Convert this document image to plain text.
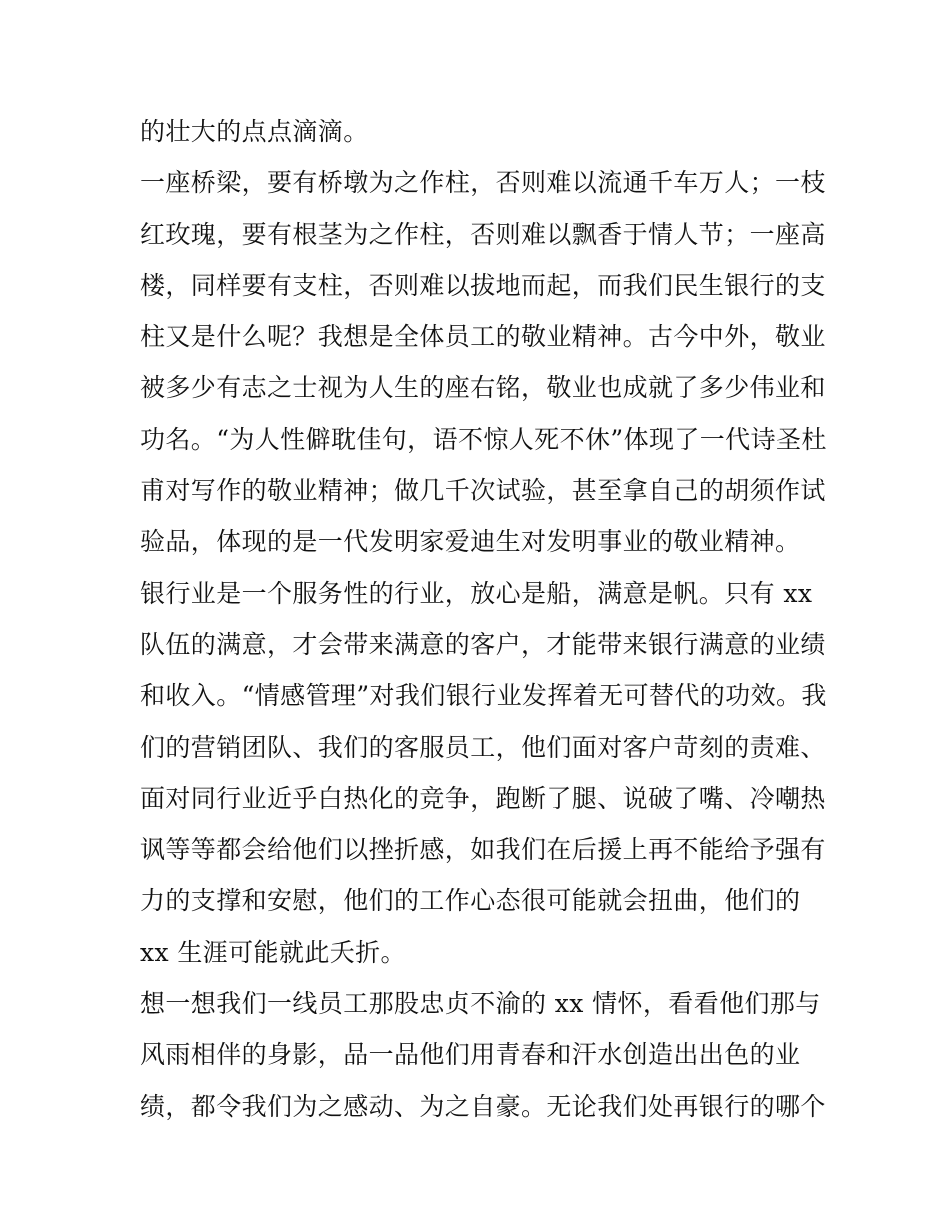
的壮大的点点滴滴。
一座桥梁，要有桥墩为之作柱，否则难以流通千车万人；一枝
红玫瑰，要有根茎为之作柱，否则难以飘香于情人节；一座高
楼，同样要有支柱，否则难以拔地而起，而我们民生银行的支
柱又是什么呢？我想是全体员工的敬业精神。古今中外，敬业
被多少有志之士视为人生的座右铭，敬业也成就了多少伟业和
功名。“为人性僻耽佳句，语不惊人死不休”体现了一代诗圣杜
甫对写作的敬业精神；做几千次试验，甚至拿自己的胡须作试
验品，体现的是一代发明家爱迪生对发明事业的敬业精神。
银行业是一个服务性的行业，放心是船，满意是帆。只有 xx
队伍的满意，才会带来满意的客户，才能带来银行满意的业绩
和收入。“情感管理”对我们银行业发挥着无可替代的功效。我
们的营销团队、我们的客服员工，他们面对客户苛刻的责难、
面对同行业近乎白热化的竞争，跑断了腿、说破了嘴、冷嘲热
讽等等都会给他们以挫折感，如我们在后援上再不能给予强有
力的支撑和安慰，他们的工作心态很可能就会扭曲，他们的
xx 生涯可能就此夭折。
想一想我们一线员工那股忠贞不渝的 xx 情怀，看看他们那与
风雨相伴的身影，品一品他们用青春和汗水创造出出色的业
绩，都令我们为之感动、为之自豪。无论我们处再银行的哪个
